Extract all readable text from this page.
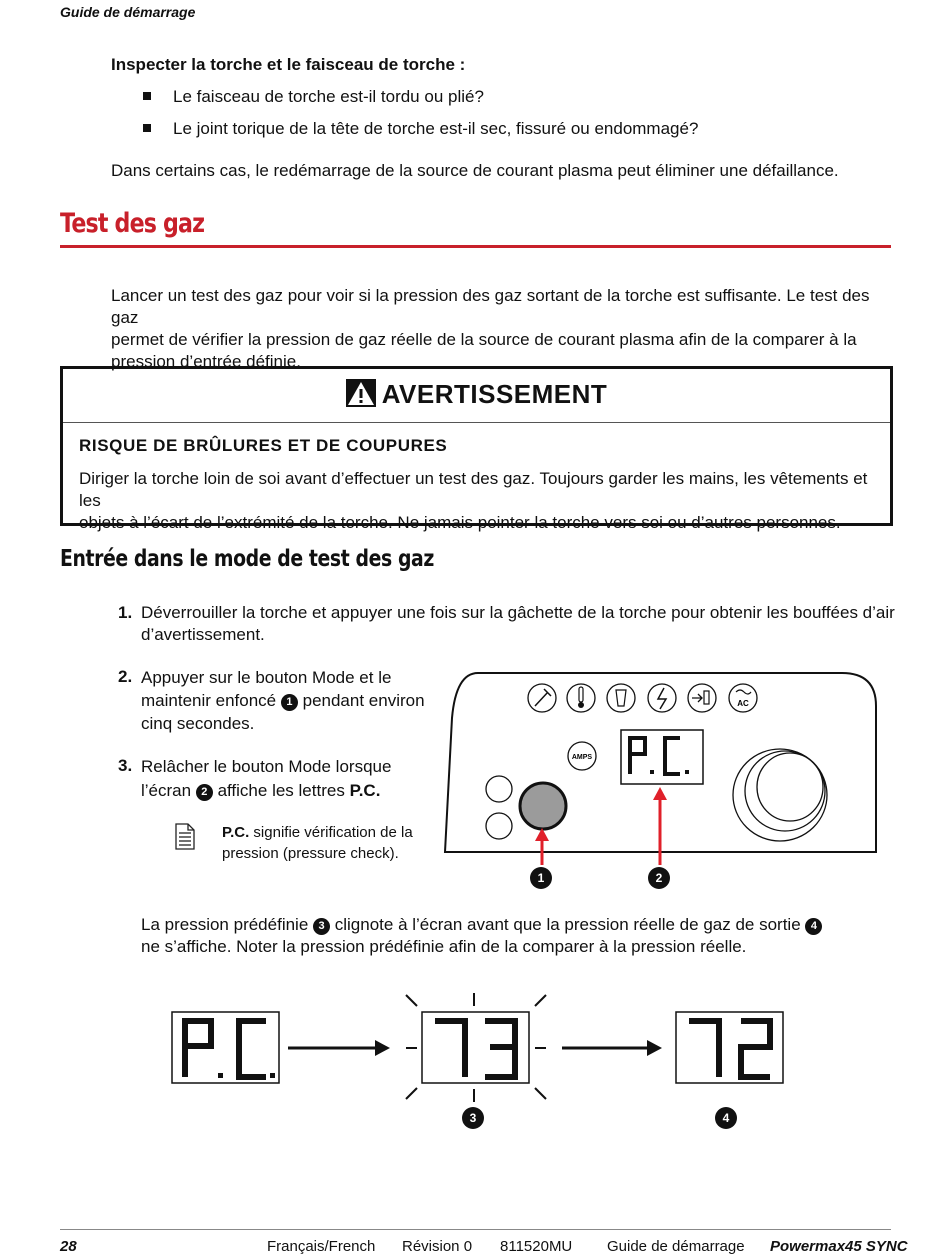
Guide de démarrage
Inspecter la torche et le faisceau de torche :
Le faisceau de torche est-il tordu ou plié?
Le joint torique de la tête de torche est-il sec, fissuré ou endommagé?
Dans certains cas, le redémarrage de la source de courant plasma peut éliminer une défaillance.
Test des gaz
Lancer un test des gaz pour voir si la pression des gaz sortant de la torche est suffisante. Le test des gaz
permet de vérifier la pression de gaz réelle de la source de courant plasma afin de la comparer à la
pression d’entrée définie.
AVERTISSEMENT
RISQUE DE BRÛLURES ET DE COUPURES
Diriger la torche loin de soi avant d’effectuer un test des gaz. Toujours garder les mains, les vêtements et les
objets à l’écart de l’extrémité de la torche. Ne jamais pointer la torche vers soi ou d’autres personnes.
Entrée dans le mode de test des gaz
1. Déverrouiller la torche et appuyer une fois sur la gâchette de la torche pour obtenir les bouffées d’air
d’avertissement.
2. Appuyer sur le bouton Mode et le
maintenir enfoncé 1 pendant environ
cinq secondes.
3. Relâcher le bouton Mode lorsque
l’écran 2 affiche les lettres P.C.
P.C. signifie vérification de la
pression (pressure check).
AC
AMPS
1	2
La pression prédéfinie 3 clignote à l’écran avant que la pression réelle de gaz de sortie 4
ne s’affiche. Noter la pression prédéfinie afin de la comparer à la pression réelle.
3	4
28	Français/French Révision 0 811520MU Guide de démarrage Powermax45 SYNC
